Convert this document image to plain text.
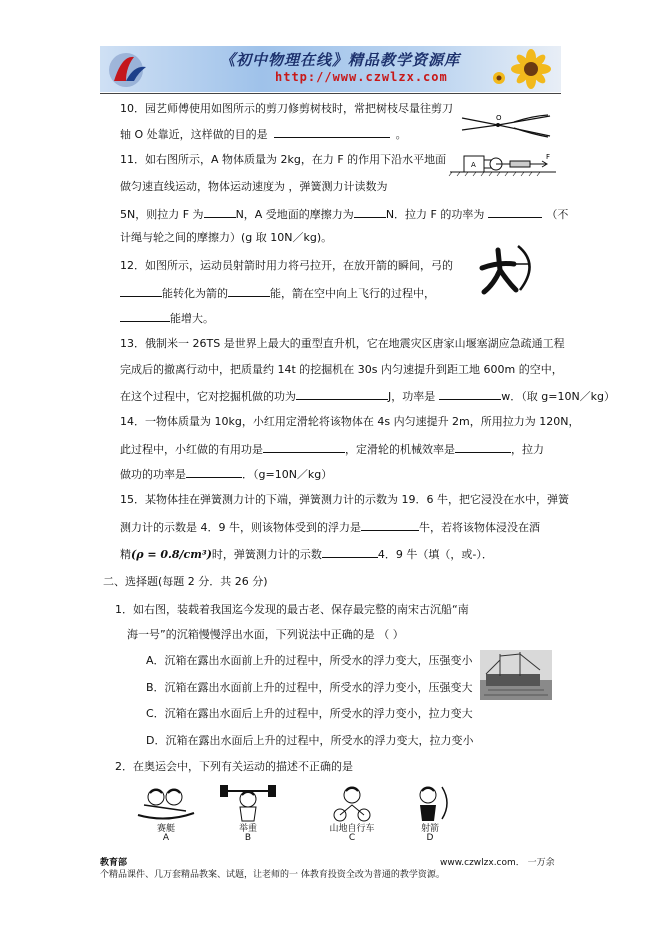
《初中物理在线》精品教学资源库
http://www.czwlzx.com
10．园艺师傅使用如图所示的剪刀修剪树枝时，常把树枝尽量往剪刀
轴 O 处靠近，这样做的目的是	。
O
11．如右图所示，A 物体质量为 2kg，在力 F 的作用下沿水平地面
做匀速直线运动，物体运动速度为 ，弹簧测力计读数为
5N，则拉力 F 为	N，A 受地面的摩擦力为	N．拉力 F 的功率为	（不
计绳与轮之间的摩擦力）(g 取 10N／kg)。
A
F
12．如图所示，运动员射箭时用力将弓拉开，在放开箭的瞬间，弓的
能转化为箭的	能，箭在空中向上飞行的过程中，
能增大。
13．俄制米一 26TS 是世界上最大的重型直升机，它在地震灾区唐家山堰塞湖应急疏通工程
完成后的撤离行动中，把质量约 14t 的挖掘机在 30s 内匀速提升到距工地 600m 的空中，
在这个过程中，它对挖掘机做的功为	J，功率是	w．（取 g=10N／kg）
14．一物体质量为 10kg，小红用定滑轮将该物体在 4s 内匀速提升 2m，所用拉力为 120N，
此过程中，小红做的有用功是	，定滑轮的机械效率是	，拉力
做功的功率是	．（g=10N／kg）
15．某物体挂在弹簧测力计的下端，弹簧测力计的示数为 19．6 牛，把它浸没在水中，弹簧
测力计的示数是 4．9 牛，则该物体受到的浮力是	牛，若将该物体浸没在酒
精(ρ = 0.8/cm³)时，弹簧测力计的示数	4．9 牛（填（，或-）．
二、选择题(每题 2 分．共 26 分)
1．如右图，装载着我国迄今发现的最古老、保存最完整的南宋古沉船“南
海一号”的沉箱慢慢浮出水面，下列说法中正确的是 （ ）
A．沉箱在露出水面前上升的过程中，所受水的浮力变大，压强变小
B．沉箱在露出水面前上升的过程中，所受水的浮力变小，压强变大
C．沉箱在露出水面后上升的过程中，所受水的浮力变小，拉力变大
D．沉箱在露出水面后上升的过程中，所受水的浮力变大，拉力变小
2．在奥运会中，下列有关运动的描述不正确的是
赛艇	举重	山地自行车	射箭
A	B	C	D
教育部	www.czwlzx.com． 一万余
个精品课件、几万套精品教案、试题，让老师的一 体教育投资全改为普通的教学资源。
